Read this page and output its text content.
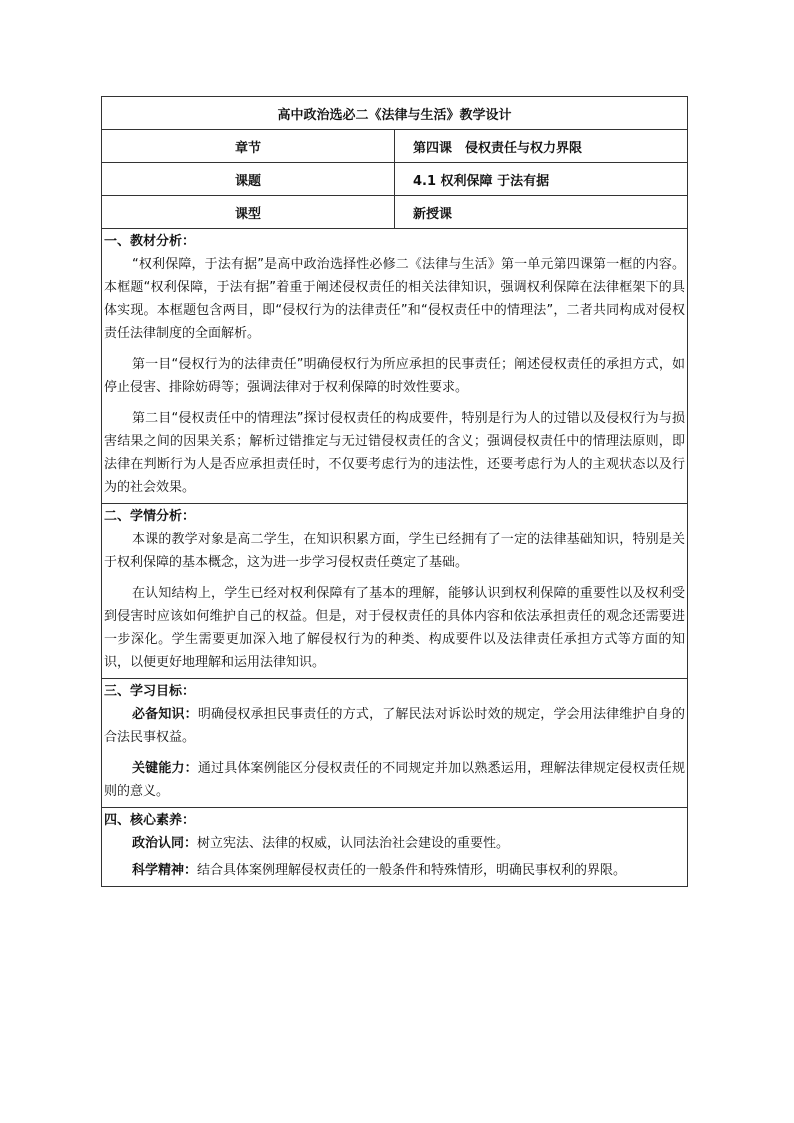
高中政治选必二《法律与生活》教学设计	
章节	第四课　侵权责任与权力界限
课题	4.1 权利保障 于法有据
课型	新授课

一、教材分析：

“权利保障，于法有据”是高中政治选择性必修二《法律与生活》第一单元第四课第一框的内容。本框题“权利保障，于法有据”着重于阐述侵权责任的相关法律知识，强调权利保障在法律框架下的具体实现。本框题包含两目，即“侵权行为的法律责任”和“侵权责任中的情理法”，二者共同构成对侵权责任法律制度的全面解析。

第一目“侵权行为的法律责任”明确侵权行为所应承担的民事责任；阐述侵权责任的承担方式，如停止侵害、排除妨碍等；强调法律对于权利保障的时效性要求。

第二目“侵权责任中的情理法”探讨侵权责任的构成要件，特别是行为人的过错以及侵权行为与损害结果之间的因果关系；解析过错推定与无过错侵权责任的含义；强调侵权责任中的情理法原则，即法律在判断行为人是否应承担责任时，不仅要考虑行为的违法性，还要考虑行为人的主观状态以及行为的社会效果。	

二、学情分析：

本课的教学对象是高二学生，在知识积累方面，学生已经拥有了一定的法律基础知识，特别是关于权利保障的基本概念，这为进一步学习侵权责任奠定了基础。

在认知结构上，学生已经对权利保障有了基本的理解，能够认识到权利保障的重要性以及权利受到侵害时应该如何维护自己的权益。但是，对于侵权责任的具体内容和依法承担责任的观念还需要进一步深化。学生需要更加深入地了解侵权行为的种类、构成要件以及法律责任承担方式等方面的知识，以便更好地理解和运用法律知识。	

三、学习目标：

必备知识：明确侵权承担民事责任的方式，了解民法对诉讼时效的规定，学会用法律维护自身的合法民事权益。

关键能力：通过具体案例能区分侵权责任的不同规定并加以熟悉运用，理解法律规定侵权责任规则的意义。	

四、核心素养：

政治认同：树立宪法、法律的权威，认同法治社会建设的重要性。

科学精神：结合具体案例理解侵权责任的一般条件和特殊情形，明确民事权利的界限。	
